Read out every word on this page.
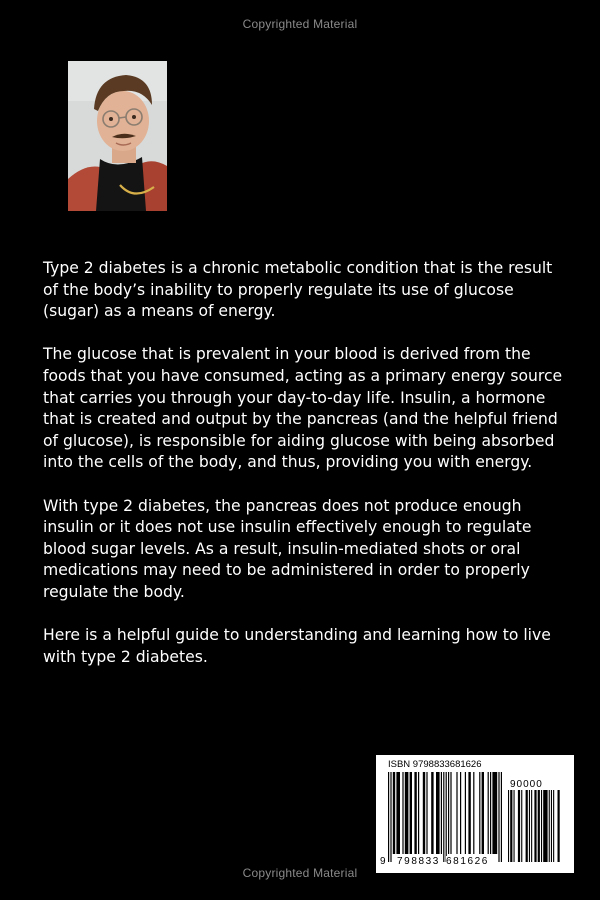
Copyrighted Material

Type 2 diabetes is a chronic metabolic condition that is the result of the body’s inability to properly regulate its use of glucose (sugar) as a means of energy.

The glucose that is prevalent in your blood is derived from the foods that you have consumed, acting as a primary energy source that carries you through your day-to-day life. Insulin, a hormone that is created and output by the pancreas (and the helpful friend of glucose), is responsible for aiding glucose with being absorbed into the cells of the body, and thus, providing you with energy.

With type 2 diabetes, the pancreas does not produce enough insulin or it does not use insulin effectively enough to regulate blood sugar levels. As a result, insulin-mediated shots or oral medications may need to be administered in order to properly regulate the body.

Here is a helpful guide to understanding and learning how to live with type 2 diabetes.

ISBN 9798833681626
90000
9 798833 681626
Copyrighted Material
